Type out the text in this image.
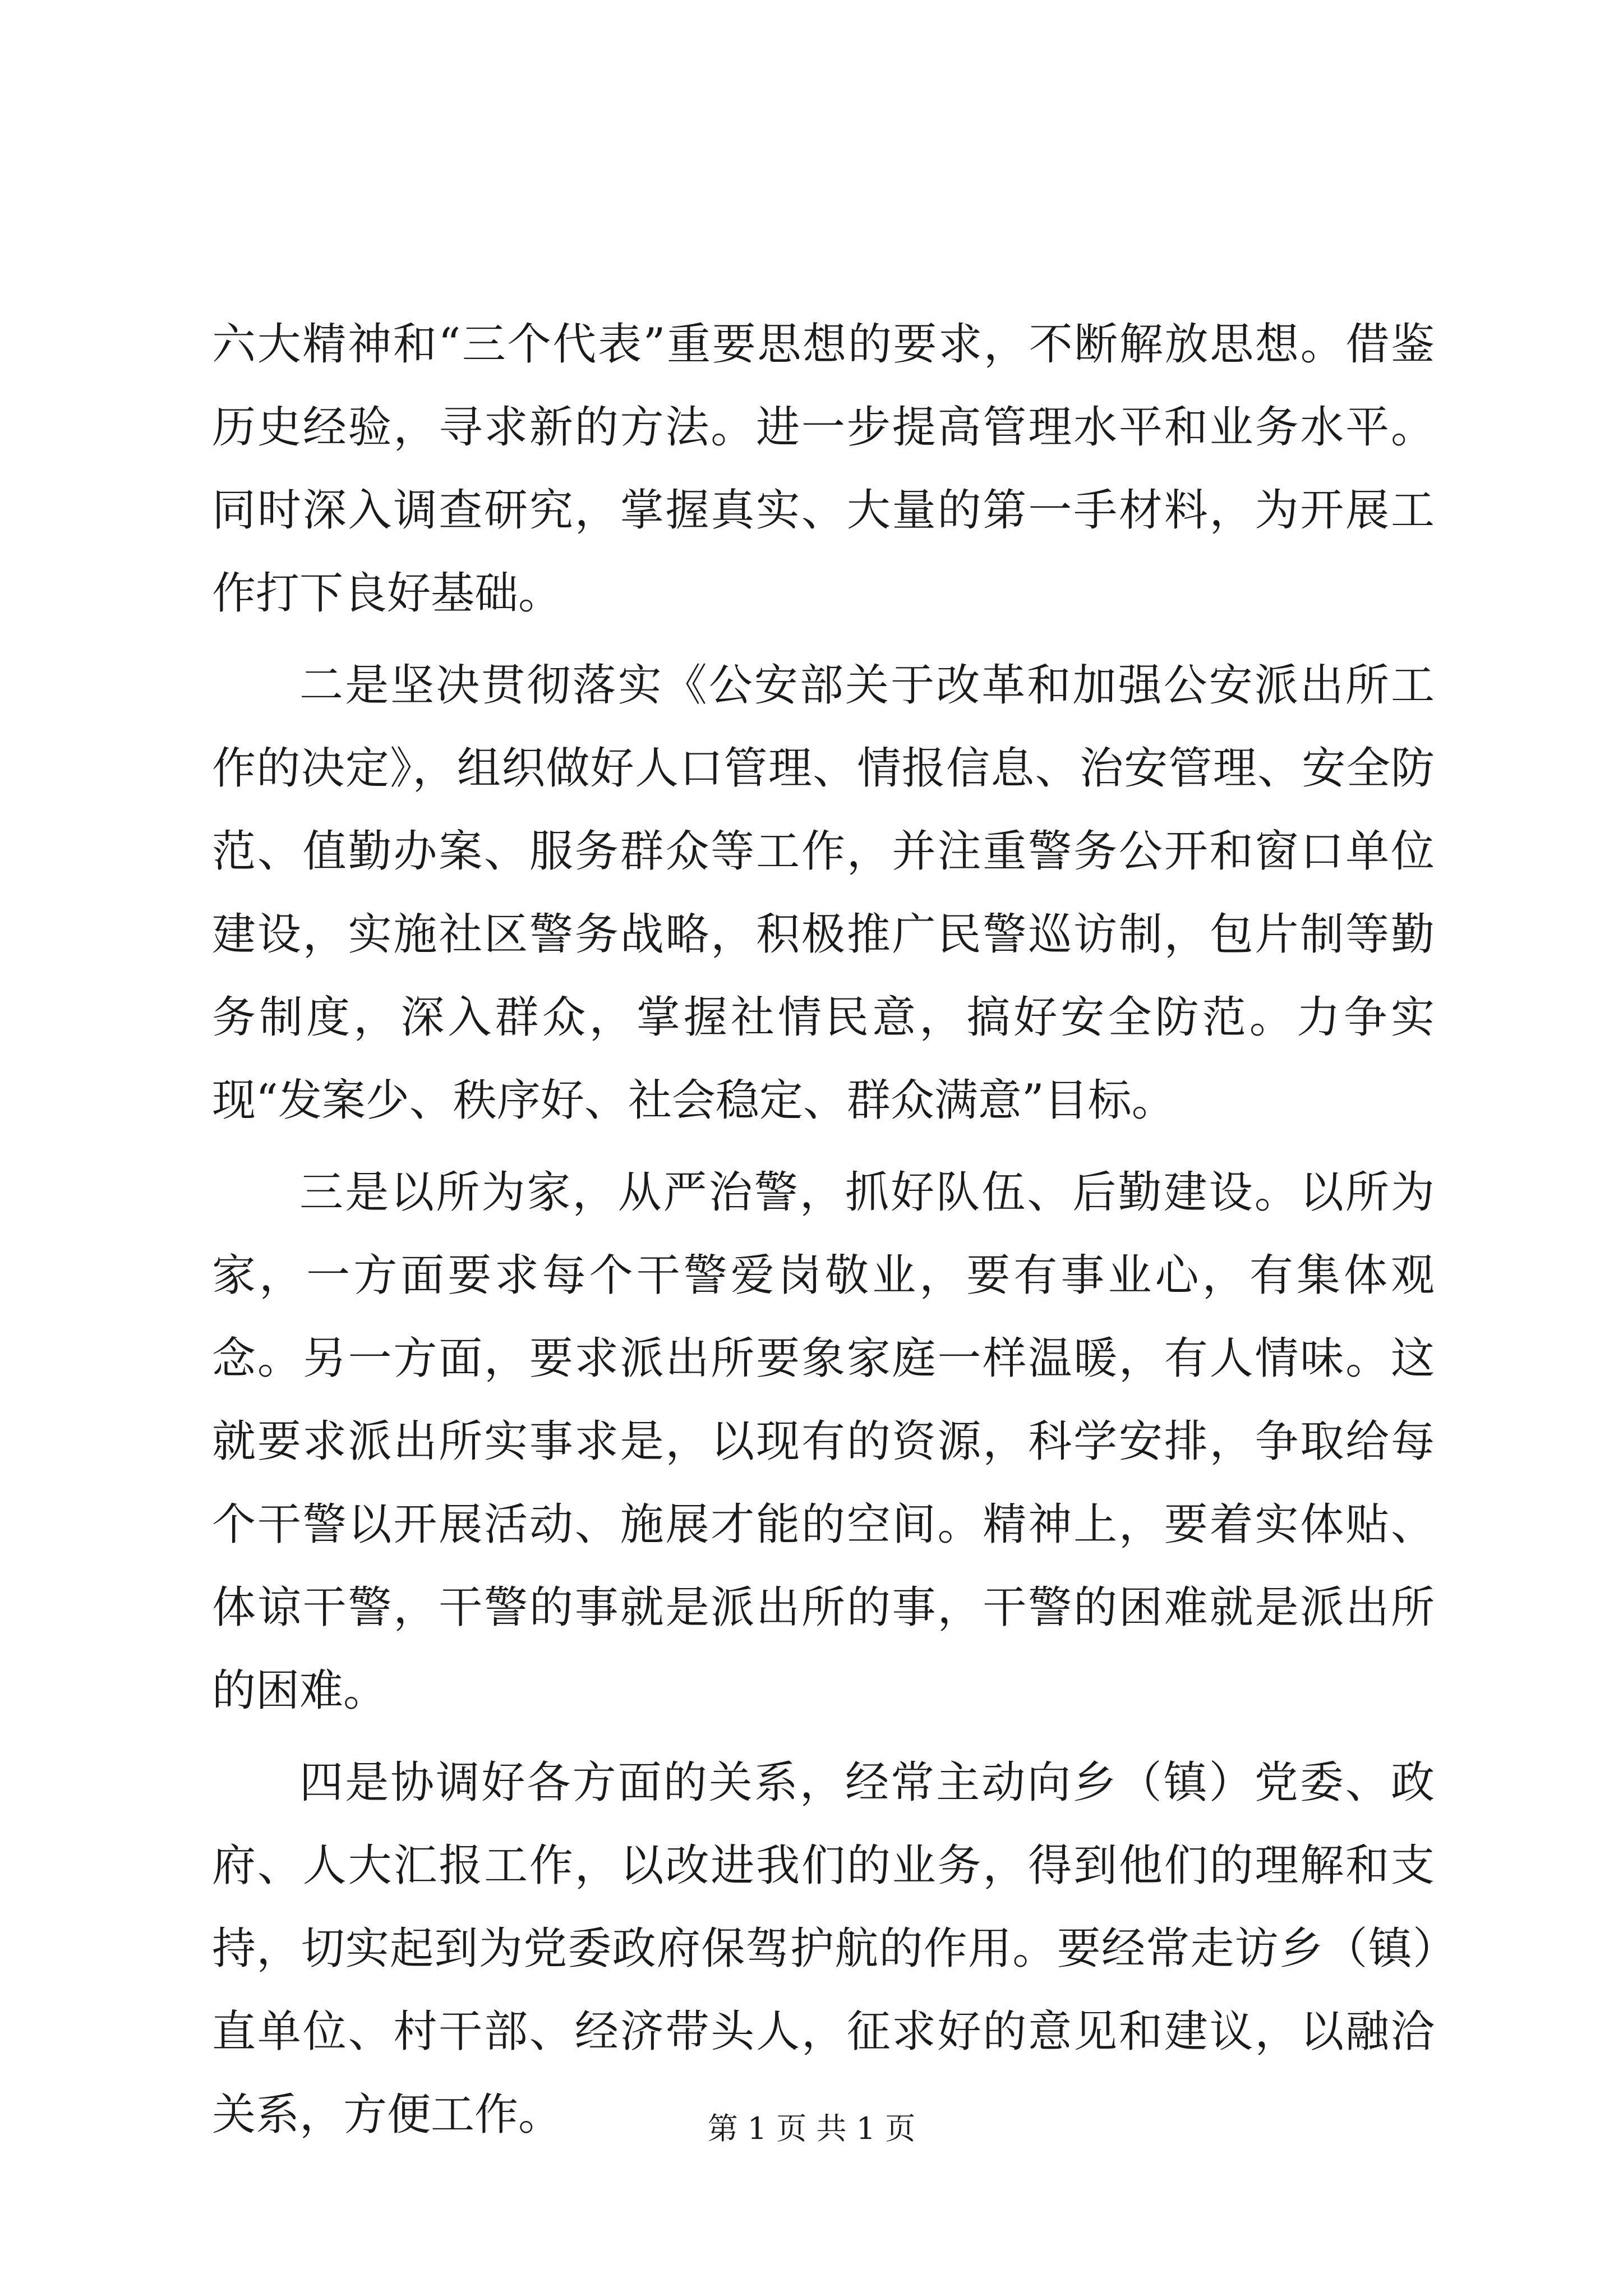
六大精神和“三个代表”重要思想的要求，不断解放思想。借鉴历史经验，寻求新的方法。进一步提高管理水平和业务水平。同时深入调查研究，掌握真实、大量的第一手材料，为开展工作打下良好基础。

二是坚决贯彻落实《公安部关于改革和加强公安派出所工作的决定》，组织做好人口管理、情报信息、治安管理、安全防范、值勤办案、服务群众等工作，并注重警务公开和窗口单位建设，实施社区警务战略，积极推广民警巡访制，包片制等勤务制度，深入群众，掌握社情民意，搞好安全防范。力争实现“发案少、秩序好、社会稳定、群众满意”目标。

三是以所为家，从严治警，抓好队伍、后勤建设。以所为家，一方面要求每个干警爱岗敬业，要有事业心，有集体观念。另一方面，要求派出所要象家庭一样温暖，有人情味。这就要求派出所实事求是，以现有的资源，科学安排，争取给每个干警以开展活动、施展才能的空间。精神上，要着实体贴、体谅干警，干警的事就是派出所的事，干警的困难就是派出所的困难。

四是协调好各方面的关系，经常主动向乡（镇）党委、政府、人大汇报工作，以改进我们的业务，得到他们的理解和支持，切实起到为党委政府保驾护航的作用。要经常走访乡（镇）直单位、村干部、经济带头人，征求好的意见和建议，以融洽关系，方便工作。	第 1 页 共 1 页
